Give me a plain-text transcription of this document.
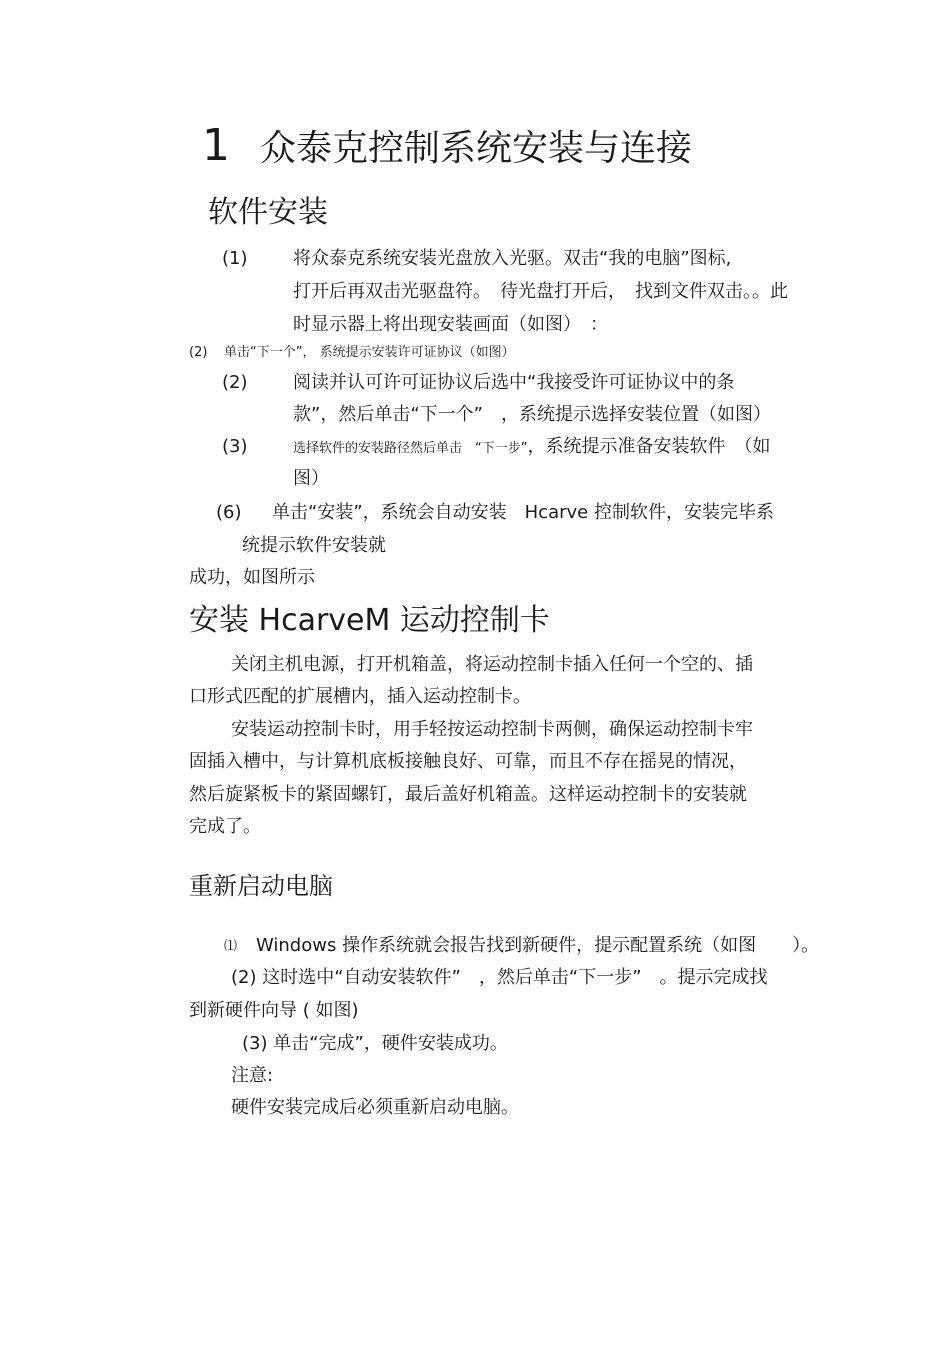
1 众泰克控制系统安装与连接
软件安装
(1)	将众泰克系统安装光盘放入光驱。双击“我的电脑”图标,
打开后再双击光驱盘符。　待光盘打开后，　找到文件双击。。此
时显示器上将出现安装画面（如图）　：
(2) 单击“下一个”， 系统提示安装许可证协议（如图）
(2)	阅读并认可许可证协议后选中“我接受许可证协议中的条
款”，然后单击“下一个”　，系统提示选择安装位置（如图）
(3)	选择软件的安装路径然后单击　“下一步”，系统提示准备安装软件　（如
图）
(6) 单击“安装”，系统会自动安装　Hcarve 控制软件，安装完毕系
统提示软件安装就
成功，如图所示
安装 HcarveM 运动控制卡
关闭主机电源，打开机箱盖，将运动控制卡插入任何一个空的、插
口形式匹配的扩展槽内，插入运动控制卡。
安装运动控制卡时，用手轻按运动控制卡两侧，确保运动控制卡牢
固插入槽中，与计算机底板接触良好、可靠，而且不存在摇晃的情况，
然后旋紧板卡的紧固螺钉，最后盖好机箱盖。这样运动控制卡的安装就
完成了。
重新启动电脑
⑴ Windows 操作系统就会报告找到新硬件，提示配置系统（如图　　）。
(2) 这时选中“自动安装软件”　，然后单击“下一步”　。提示完成找
到新硬件向导 ( 如图)
(3) 单击“完成”，硬件安装成功。
注意:
硬件安装完成后必须重新启动电脑。
